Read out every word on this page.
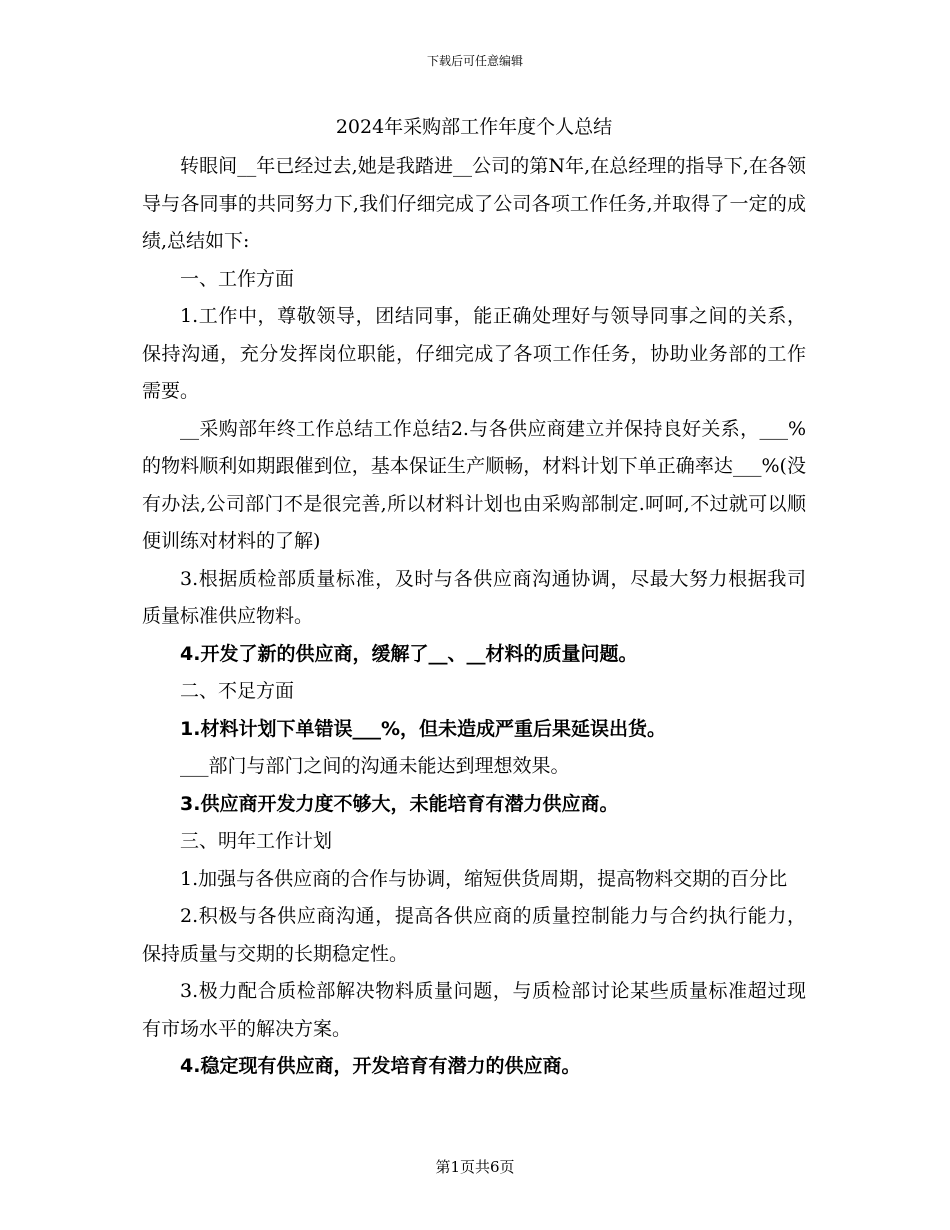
下载后可任意编辑
2024年采购部工作年度个人总结

转眼间__年已经过去,她是我踏进__公司的第N年,在总经理的指导下,在各领导与各同事的共同努力下,我们仔细完成了公司各项工作任务,并取得了一定的成绩,总结如下:

一、工作方面

1.工作中，尊敬领导，团结同事，能正确处理好与领导同事之间的关系，保持沟通，充分发挥岗位职能，仔细完成了各项工作任务，协助业务部的工作需要。

__采购部年终工作总结工作总结2.与各供应商建立并保持良好关系，___%的物料顺利如期跟催到位，基本保证生产顺畅，材料计划下单正确率达___%(没有办法,公司部门不是很完善,所以材料计划也由采购部制定.呵呵,不过就可以顺便训练对材料的了解)

3.根据质检部质量标准，及时与各供应商沟通协调，尽最大努力根据我司质量标准供应物料。

4.开发了新的供应商，缓解了__、__材料的质量问题。

二、不足方面

1.材料计划下单错误___%，但未造成严重后果延误出货。

___部门与部门之间的沟通未能达到理想效果。

3.供应商开发力度不够大，未能培育有潜力供应商。

三、明年工作计划

1.加强与各供应商的合作与协调，缩短供货周期，提高物料交期的百分比

2.积极与各供应商沟通，提高各供应商的质量控制能力与合约执行能力，保持质量与交期的长期稳定性。

3.极力配合质检部解决物料质量问题，与质检部讨论某些质量标准超过现有市场水平的解决方案。

4.稳定现有供应商，开发培育有潜力的供应商。

第1页共6页
